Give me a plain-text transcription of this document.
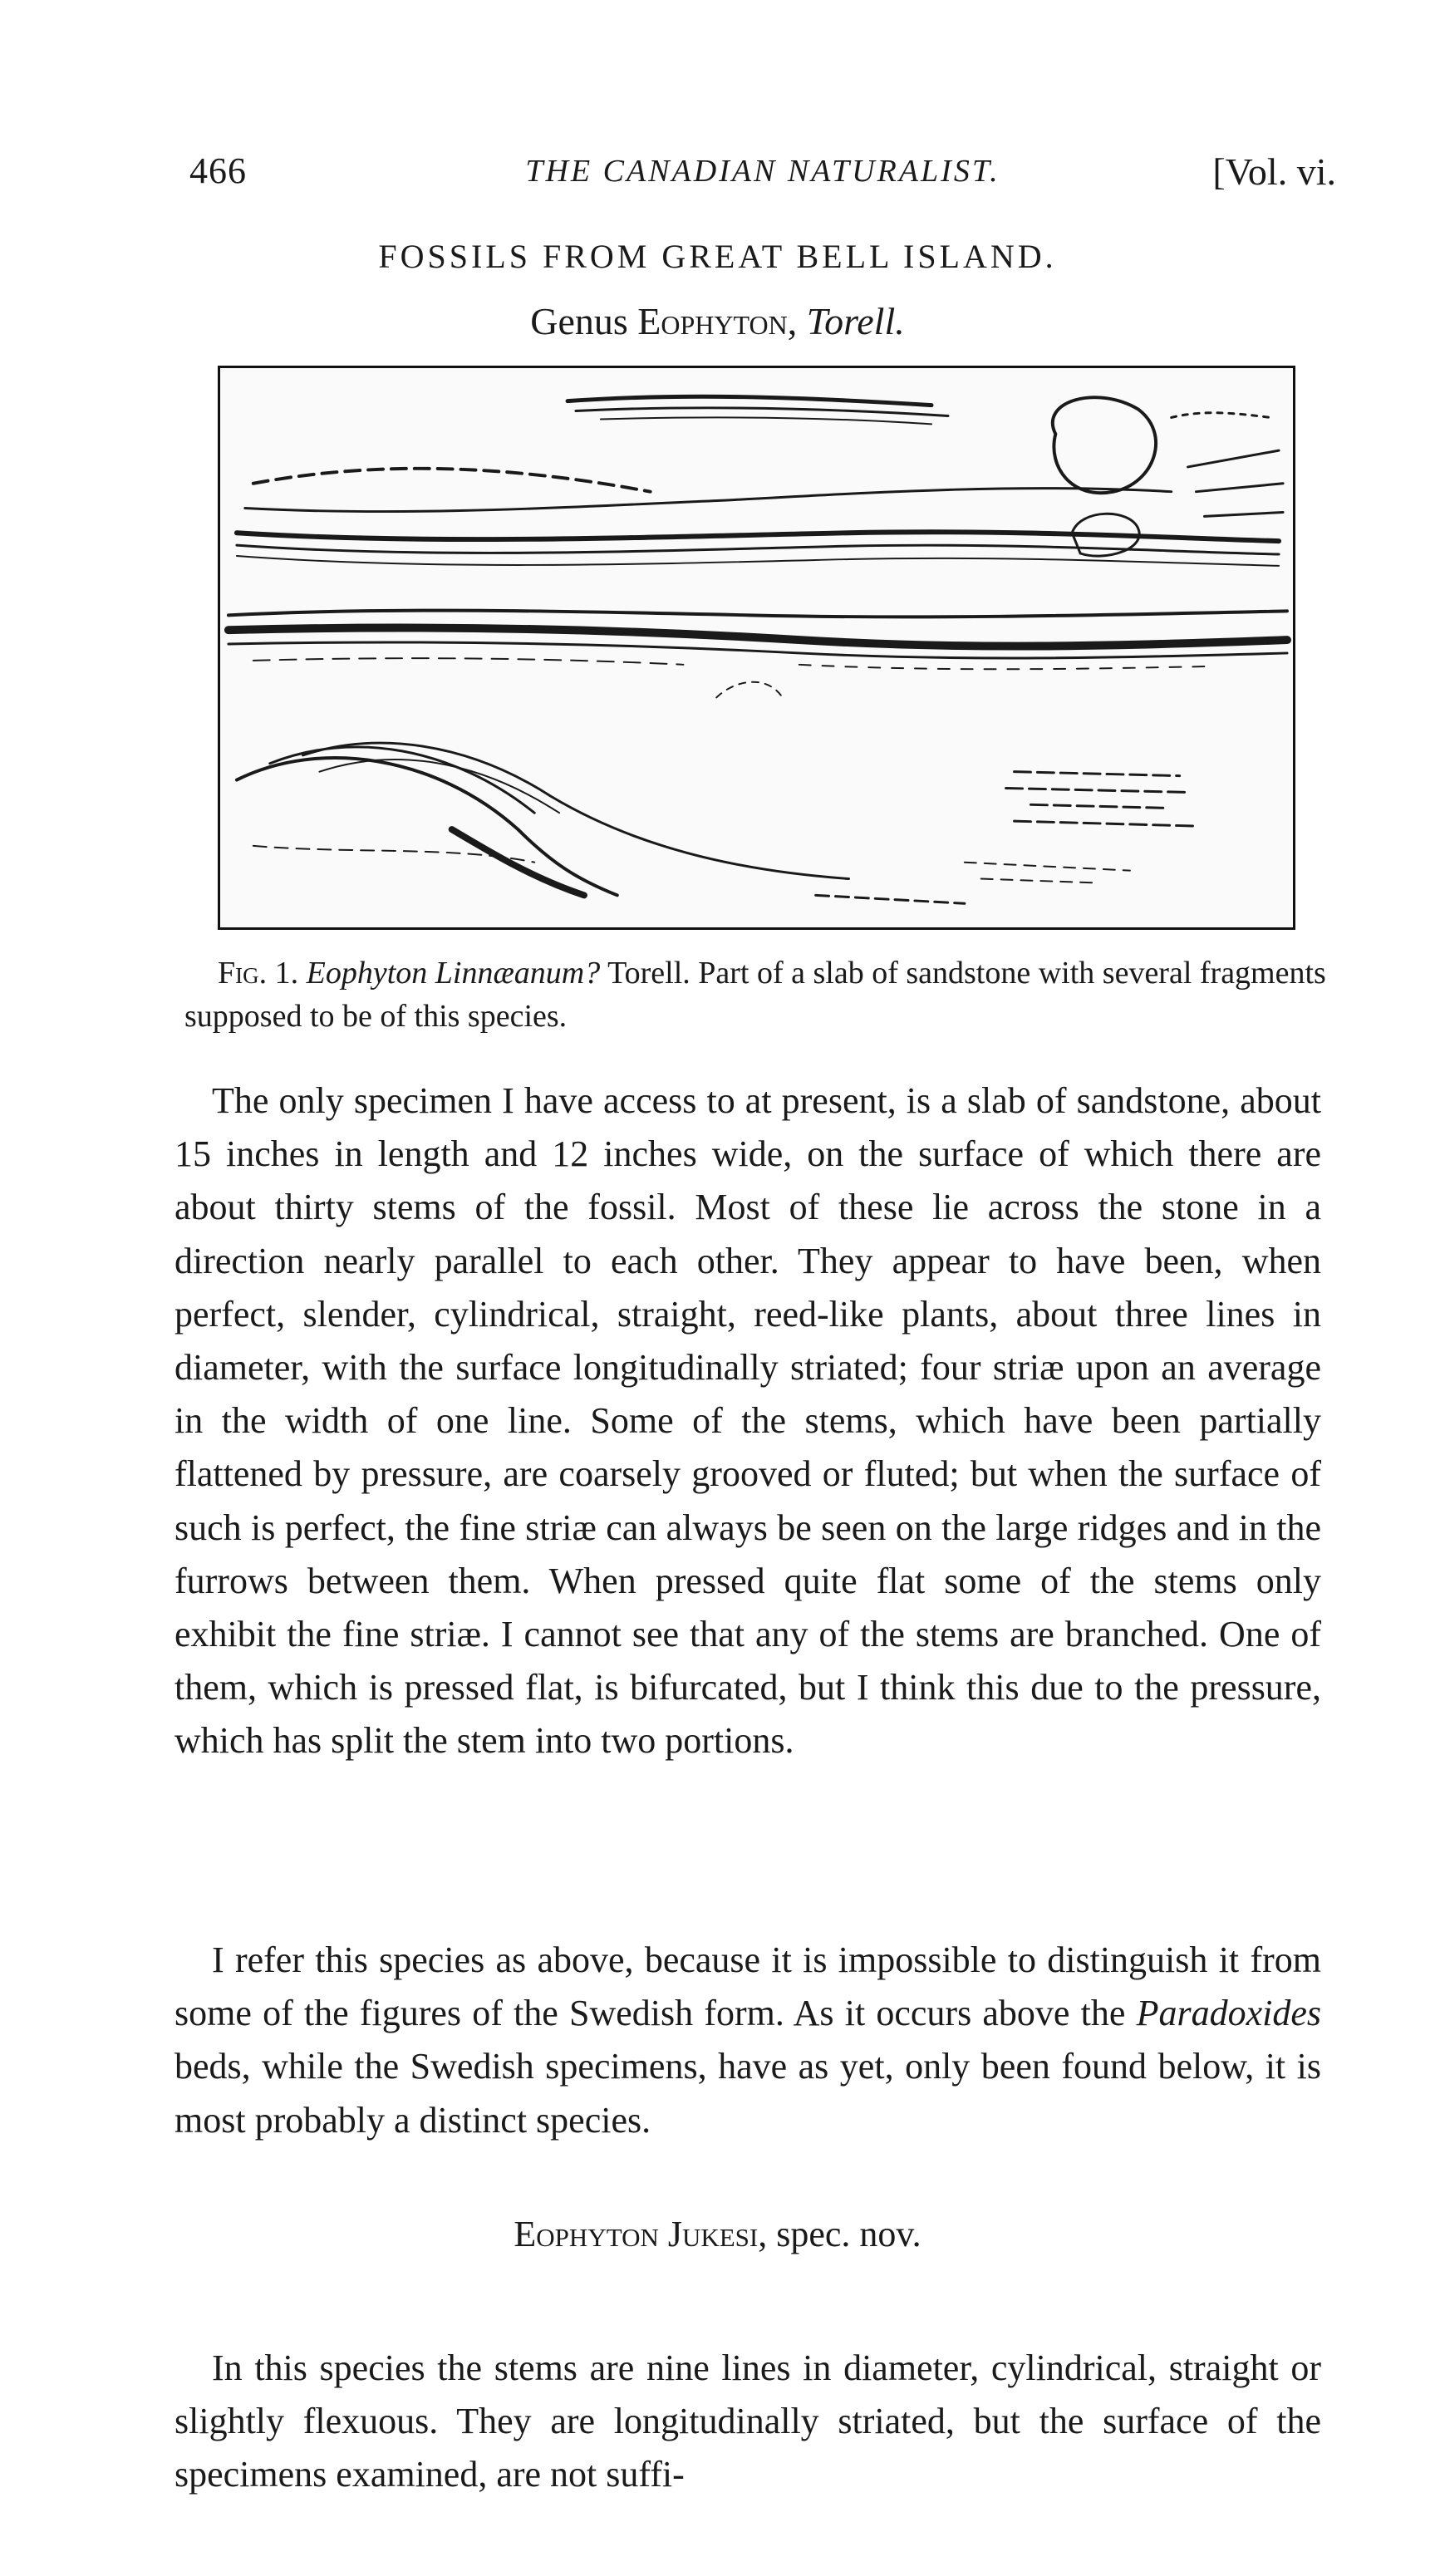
466	THE CANADIAN NATURALIST.	[Vol. vi.
FOSSILS FROM GREAT BELL ISLAND.
Genus Eophyton, Torell.
Fig. 1. Eophyton Linnæanum? Torell. Part of a slab of sandstone with several fragments supposed to be of this species.
The only specimen I have access to at present, is a slab of sandstone, about 15 inches in length and 12 inches wide, on the surface of which there are about thirty stems of the fossil. Most of these lie across the stone in a direction nearly parallel to each other. They appear to have been, when perfect, slender, cylindrical, straight, reed-like plants, about three lines in diameter, with the surface longitudinally striated; four striæ upon an average in the width of one line. Some of the stems, which have been partially flattened by pressure, are coarsely grooved or fluted; but when the surface of such is perfect, the fine striæ can always be seen on the large ridges and in the furrows between them. When pressed quite flat some of the stems only exhibit the fine striæ. I cannot see that any of the stems are branched. One of them, which is pressed flat, is bifurcated, but I think this due to the pressure, which has split the stem into two portions.
I refer this species as above, because it is impossible to distinguish it from some of the figures of the Swedish form. As it occurs above the Paradoxides beds, while the Swedish specimens, have as yet, only been found below, it is most probably a distinct species.
Eophyton Jukesi, spec. nov.
In this species the stems are nine lines in diameter, cylindrical, straight or slightly flexuous. They are longitudinally striated, but the surface of the specimens examined, are not suffi-
